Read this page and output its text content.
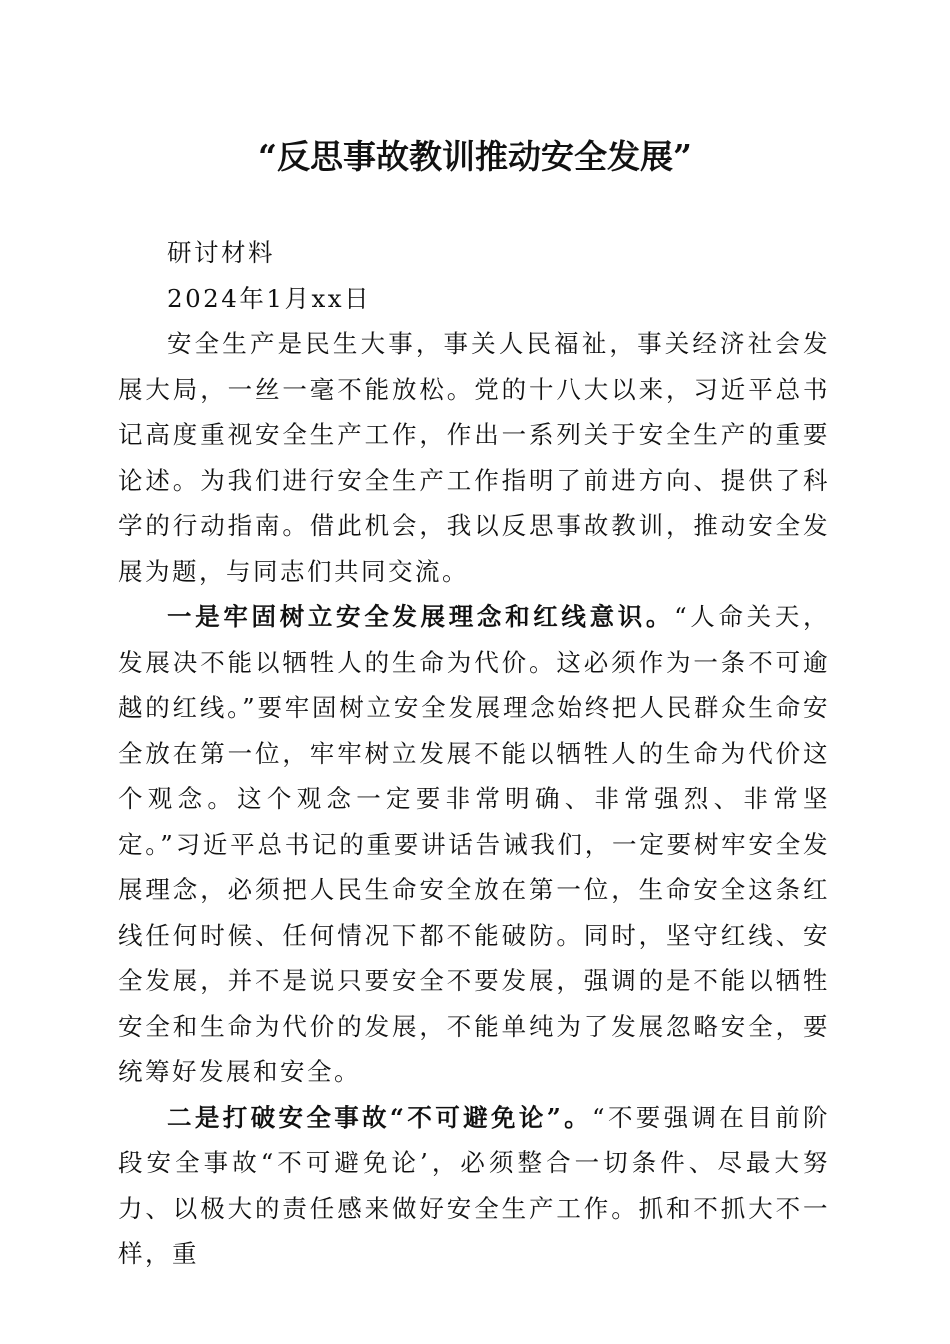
“反思事故教训推动安全发展”

研讨材料

2024年1月xx日

安全生产是民生大事，事关人民福祉，事关经济社会发展大局，一丝一毫不能放松。党的十八大以来，习近平总书记高度重视安全生产工作，作出一系列关于安全生产的重要论述。为我们进行安全生产工作指明了前进方向、提供了科学的行动指南。借此机会，我以反思事故教训，推动安全发展为题，与同志们共同交流。

一是牢固树立安全发展理念和红线意识。“人命关天，发展决不能以牺牲人的生命为代价。这必须作为一条不可逾越的红线。”要牢固树立安全发展理念始终把人民群众生命安全放在第一位，牢牢树立发展不能以牺牲人的生命为代价这个观念。这个观念一定要非常明确、非常强烈、非常坚定。”习近平总书记的重要讲话告诫我们，一定要树牢安全发展理念，必须把人民生命安全放在第一位，生命安全这条红线任何时候、任何情况下都不能破防。同时，坚守红线、安全发展，并不是说只要安全不要发展，强调的是不能以牺牲安全和生命为代价的发展，不能单纯为了发展忽略安全，要统筹好发展和安全。

二是打破安全事故“不可避免论”。“不要强调在目前阶段安全事故“不可避免论’，必须整合一切条件、尽最大努力、以极大的责任感来做好安全生产工作。抓和不抓大不一样，重
